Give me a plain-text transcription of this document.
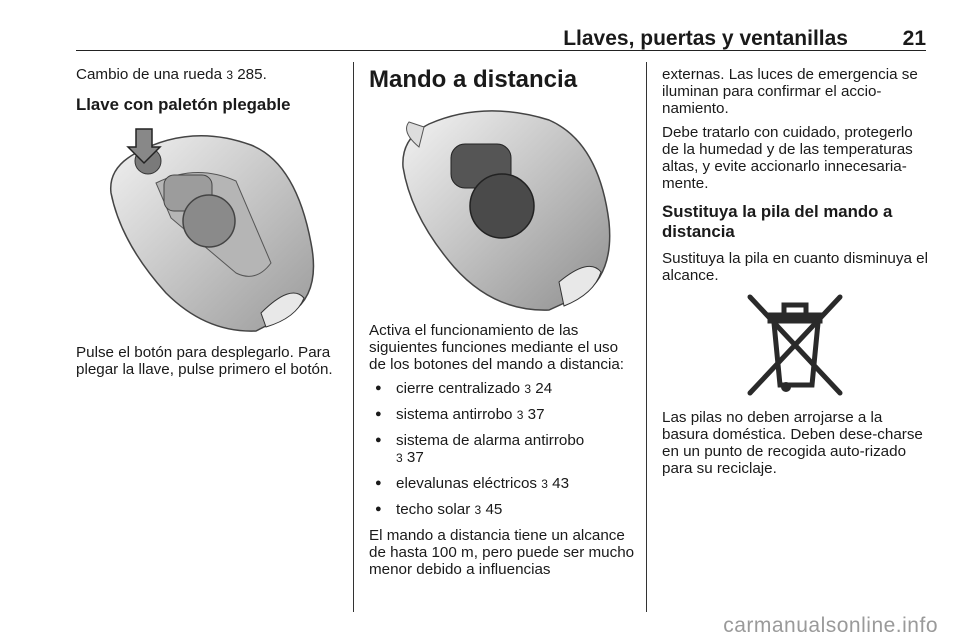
Llaves, puertas y ventanillas	21

Cambio de una rueda 3 285.

Llave con paletón plegable

Pulse el botón para desplegarlo. Para plegar la llave, pulse primero el botón.

Mando a distancia

Activa el funcionamiento de las siguientes funciones mediante el uso de los botones del mando a distancia:

● cierre centralizado 3 24
● sistema antirrobo 3 37
● sistema de alarma antirrobo
3 37
● elevalunas eléctricos 3 43
● techo solar 3 45

El mando a distancia tiene un alcance de hasta 100 m, pero puede ser mucho menor debido a influencias

externas. Las luces de emergencia se iluminan para confirmar el accio-namiento.

Debe tratarlo con cuidado, protegerlo de la humedad y de las temperaturas altas, y evite accionarlo innecesaria-mente.

Sustituya la pila del mando a distancia

Sustituya la pila en cuanto disminuya el alcance.

Las pilas no deben arrojarse a la basura doméstica. Deben dese-charse en un punto de recogida auto-rizado para su reciclaje.

carmanualsonline.info
